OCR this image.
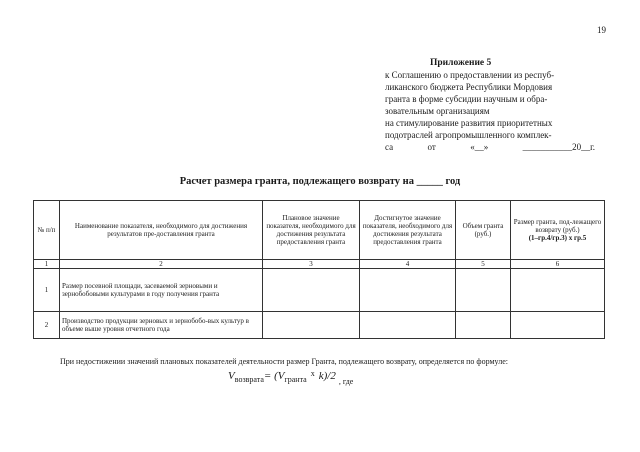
19
Приложение 5
к Соглашению о предоставлении из респуб-
ликанского бюджета Республики Мордовия
гранта в форме субсидии научным и обра-
зовательным организациям
на стимулирование развития приоритетных
подотраслей агропромышленного комплек-
са	от	«__»	___________20__г.
Расчет размера гранта, подлежащего возврату на _____ год
№ п/п	Наименование показателя, необходимого для достижения результатов пре-доставления гранта	Плановое значение показателя, необходимого для достижения результата предоставления гранта	Достигнутое значение показателя, необходимого для достижения результата предоставления гранта	Объем гранта (руб.)	Размер гранта, под-лежащего возврату (руб.)
(1–гр.4/гр.3) х гр.5
1	2	3	4	5	6
1	Размер посевной площади, засеваемой зерновыми и зернобобовыми культурами в году получения гранта				
2	Производство продукции зерновых и зернобобо-вых культур в объеме выше уровня отчетного года				
При недостижении значений плановых показателей деятельности размер Гранта, подлежащего возврату, определяется по формуле:
$V_{возврата}= (V_{гранта}^x$ k)/2 $_{, где}$
